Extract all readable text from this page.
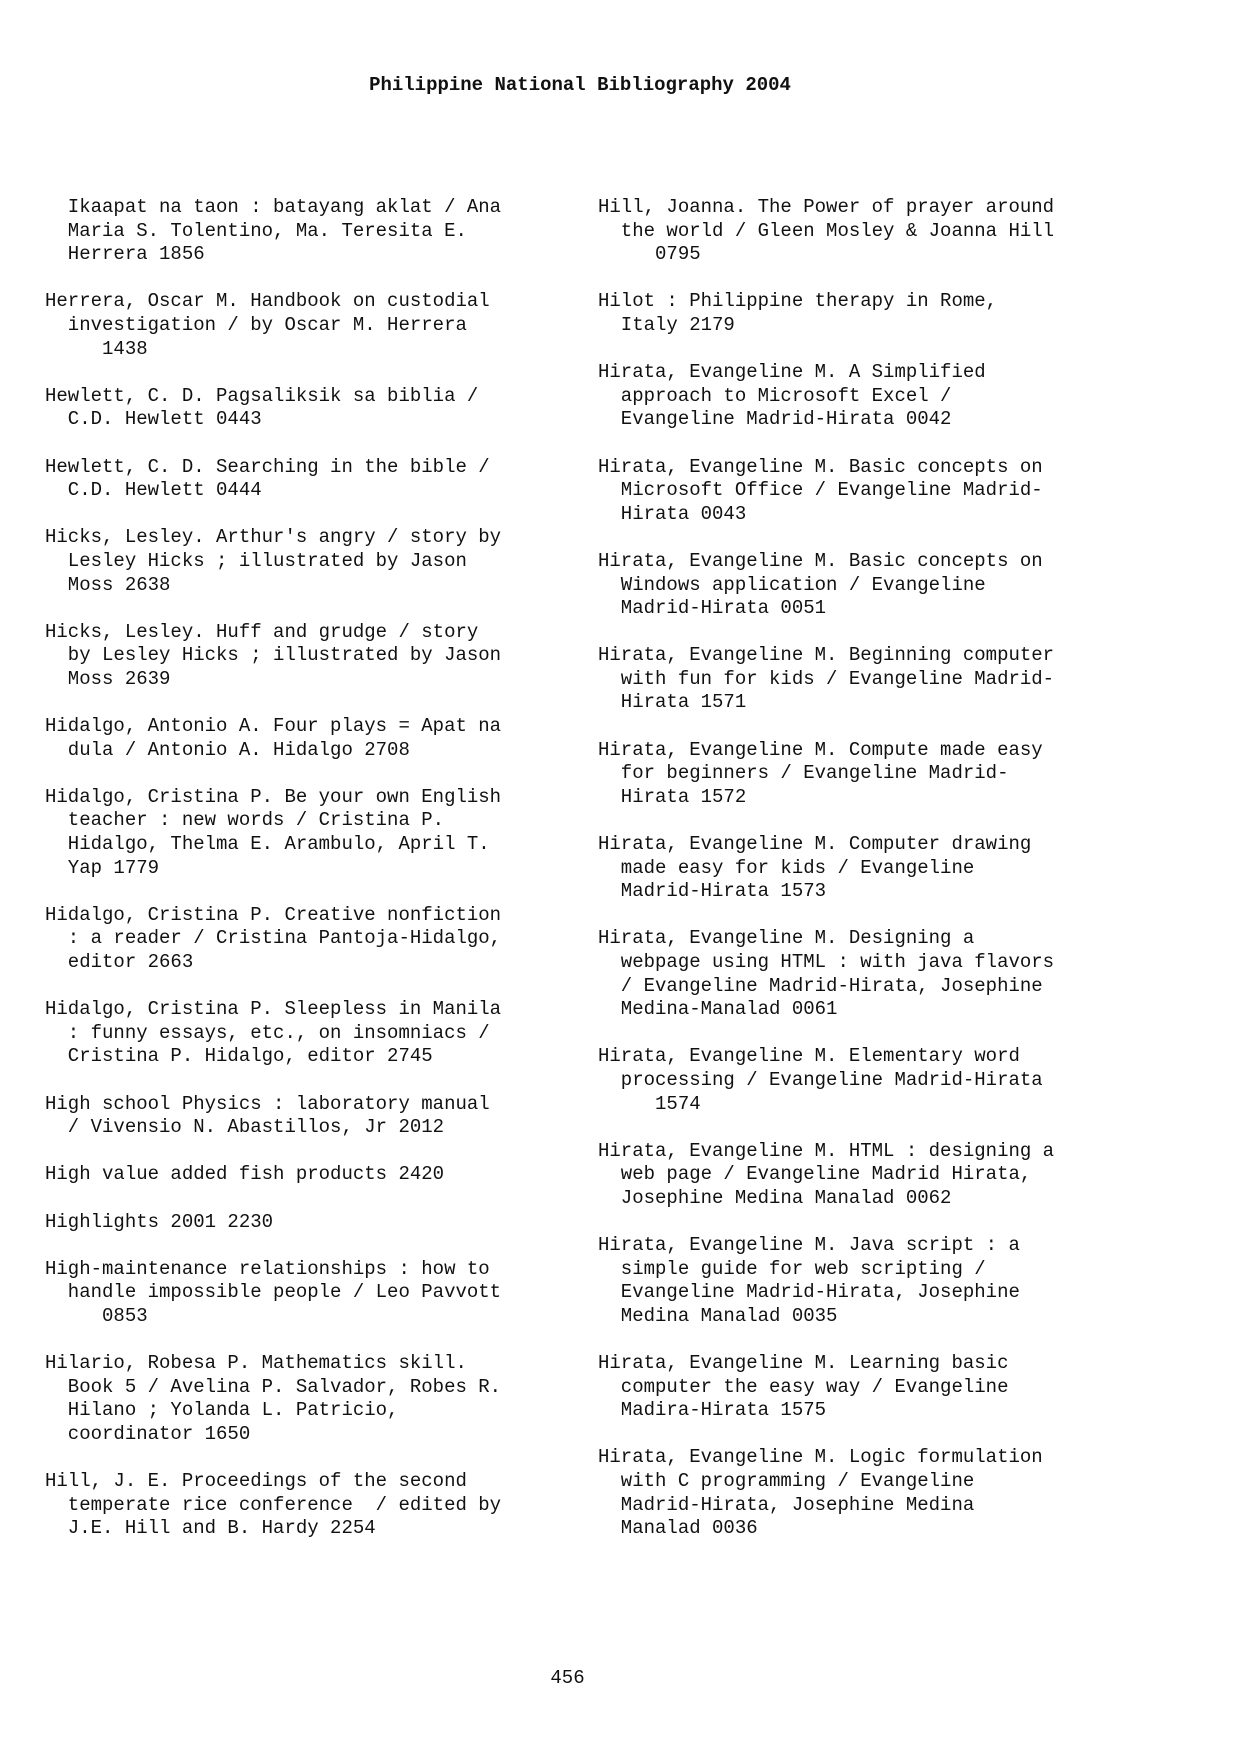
Philippine National Bibliography 2004
Ikaapat na taon : batayang aklat / Ana
Maria S. Tolentino, Ma. Teresita E.
Herrera 1856
Herrera, Oscar M. Handbook on custodial
investigation / by Oscar M. Herrera
1438
Hewlett, C. D. Pagsaliksik sa biblia /
C.D. Hewlett 0443
Hewlett, C. D. Searching in the bible /
C.D. Hewlett 0444
Hicks, Lesley. Arthur's angry / story by
Lesley Hicks ; illustrated by Jason
Moss 2638
Hicks, Lesley. Huff and grudge / story
by Lesley Hicks ; illustrated by Jason
Moss 2639
Hidalgo, Antonio A. Four plays = Apat na
dula / Antonio A. Hidalgo 2708
Hidalgo, Cristina P. Be your own English
teacher : new words / Cristina P.
Hidalgo, Thelma E. Arambulo, April T.
Yap 1779
Hidalgo, Cristina P. Creative nonfiction
: a reader / Cristina Pantoja-Hidalgo,
editor 2663
Hidalgo, Cristina P. Sleepless in Manila
: funny essays, etc., on insomniacs /
Cristina P. Hidalgo, editor 2745
High school Physics : laboratory manual
/ Vivensio N. Abastillos, Jr 2012
High value added fish products 2420
Highlights 2001 2230
High-maintenance relationships : how to
handle impossible people / Leo Pavvott
0853
Hilario, Robesa P. Mathematics skill.
Book 5 / Avelina P. Salvador, Robes R.
Hilano ; Yolanda L. Patricio,
coordinator 1650
Hill, J. E. Proceedings of the second
temperate rice conference  / edited by
J.E. Hill and B. Hardy 2254
Hill, Joanna. The Power of prayer around
the world / Gleen Mosley & Joanna Hill
0795
Hilot : Philippine therapy in Rome,
Italy 2179
Hirata, Evangeline M. A Simplified
approach to Microsoft Excel /
Evangeline Madrid-Hirata 0042
Hirata, Evangeline M. Basic concepts on
Microsoft Office / Evangeline Madrid-
Hirata 0043
Hirata, Evangeline M. Basic concepts on
Windows application / Evangeline
Madrid-Hirata 0051
Hirata, Evangeline M. Beginning computer
with fun for kids / Evangeline Madrid-
Hirata 1571
Hirata, Evangeline M. Compute made easy
for beginners / Evangeline Madrid-
Hirata 1572
Hirata, Evangeline M. Computer drawing
made easy for kids / Evangeline
Madrid-Hirata 1573
Hirata, Evangeline M. Designing a
webpage using HTML : with java flavors
/ Evangeline Madrid-Hirata, Josephine
Medina-Manalad 0061
Hirata, Evangeline M. Elementary word
processing / Evangeline Madrid-Hirata
1574
Hirata, Evangeline M. HTML : designing a
web page / Evangeline Madrid Hirata,
Josephine Medina Manalad 0062
Hirata, Evangeline M. Java script : a
simple guide for web scripting /
Evangeline Madrid-Hirata, Josephine
Medina Manalad 0035
Hirata, Evangeline M. Learning basic
computer the easy way / Evangeline
Madira-Hirata 1575
Hirata, Evangeline M. Logic formulation
with C programming / Evangeline
Madrid-Hirata, Josephine Medina
Manalad 0036
456
